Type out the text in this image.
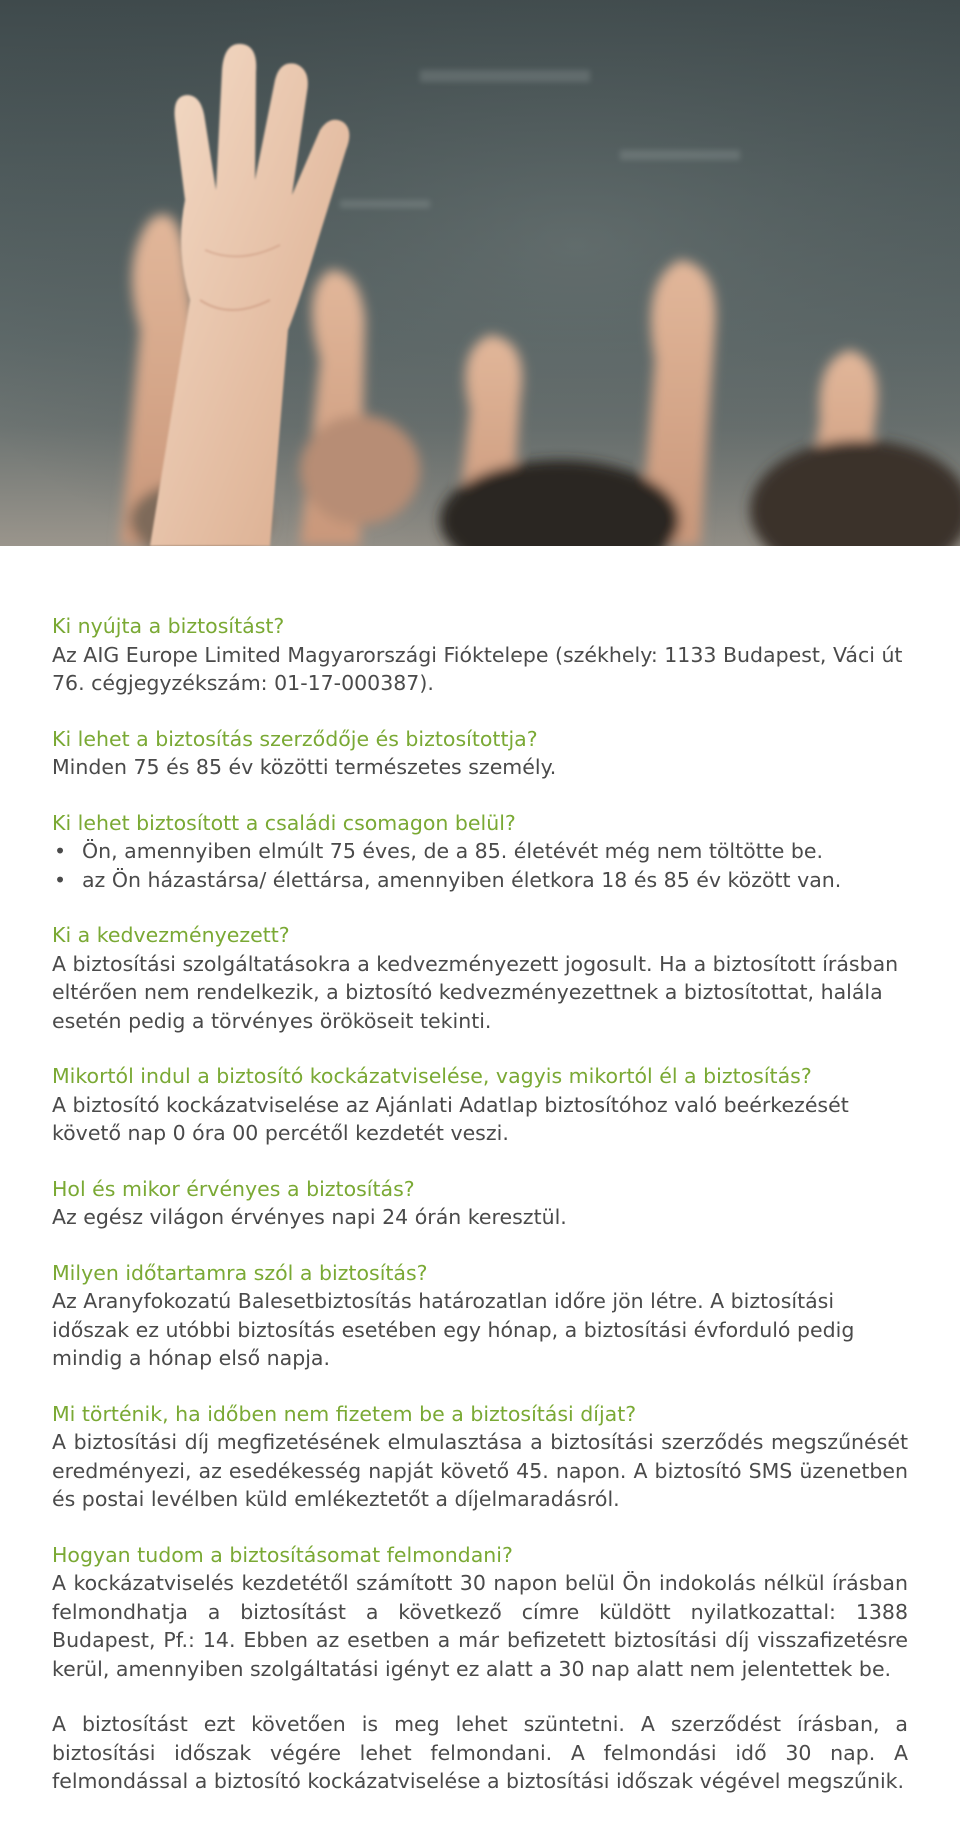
Ki nyújta a biztosítást?

Az AIG Europe Limited Magyarországi Fióktelepe (székhely: 1133 Budapest, Váci út 76. cégjegyzékszám: 01-17-000387).

Ki lehet a biztosítás szerződője és biztosítottja?

Minden 75 és 85 év közötti természetes személy.

Ki lehet biztosított a családi csomagon belül?

• Ön, amennyiben elmúlt 75 éves, de a 85. életévét még nem töltötte be.
• az Ön házastársa/ élettársa, amennyiben életkora 18 és 85 év között van.

Ki a kedvezményezett?

A biztosítási szolgáltatásokra a kedvezményezett jogosult. Ha a biztosított írásban eltérően nem rendelkezik, a biztosító kedvezményezettnek a biztosítottat, halála esetén pedig a törvényes örököseit tekinti.

Mikortól indul a biztosító kockázatviselése, vagyis mikortól él a biztosítás?

A biztosító kockázatviselése az Ajánlati Adatlap biztosítóhoz való beérkezését követő nap 0 óra 00 percétől kezdetét veszi.

Hol és mikor érvényes a biztosítás?

Az egész világon érvényes napi 24 órán keresztül.

Milyen időtartamra szól a biztosítás?

Az Aranyfokozatú Balesetbiztosítás határozatlan időre jön létre. A biztosítási időszak ez utóbbi biztosítás esetében egy hónap, a biztosítási évforduló pedig mindig a hónap első napja.

Mi történik, ha időben nem fizetem be a biztosítási díjat?

A biztosítási díj megfizetésének elmulasztása a biztosítási szerződés megszűnését eredményezi, az esedékesség napját követő 45. napon. A biztosító SMS üzenetben és postai levélben küld emlékeztetőt a díjelmaradásról.

Hogyan tudom a biztosításomat felmondani?

A kockázatviselés kezdetétől számított 30 napon belül Ön indokolás nélkül írásban felmondhatja a biztosítást a következő címre küldött nyilatkozattal: 1388 Budapest, Pf.: 14. Ebben az esetben a már befizetett biztosítási díj visszafizetésre kerül, amennyiben szolgáltatási igényt ez alatt a 30 nap alatt nem jelentettek be.

A biztosítást ezt követően is meg lehet szüntetni. A szerződést írásban, a biztosítási időszak végére lehet felmondani. A felmondási idő 30 nap. A felmondással a biztosító kockázatviselése a biztosítási időszak végével megszűnik.
